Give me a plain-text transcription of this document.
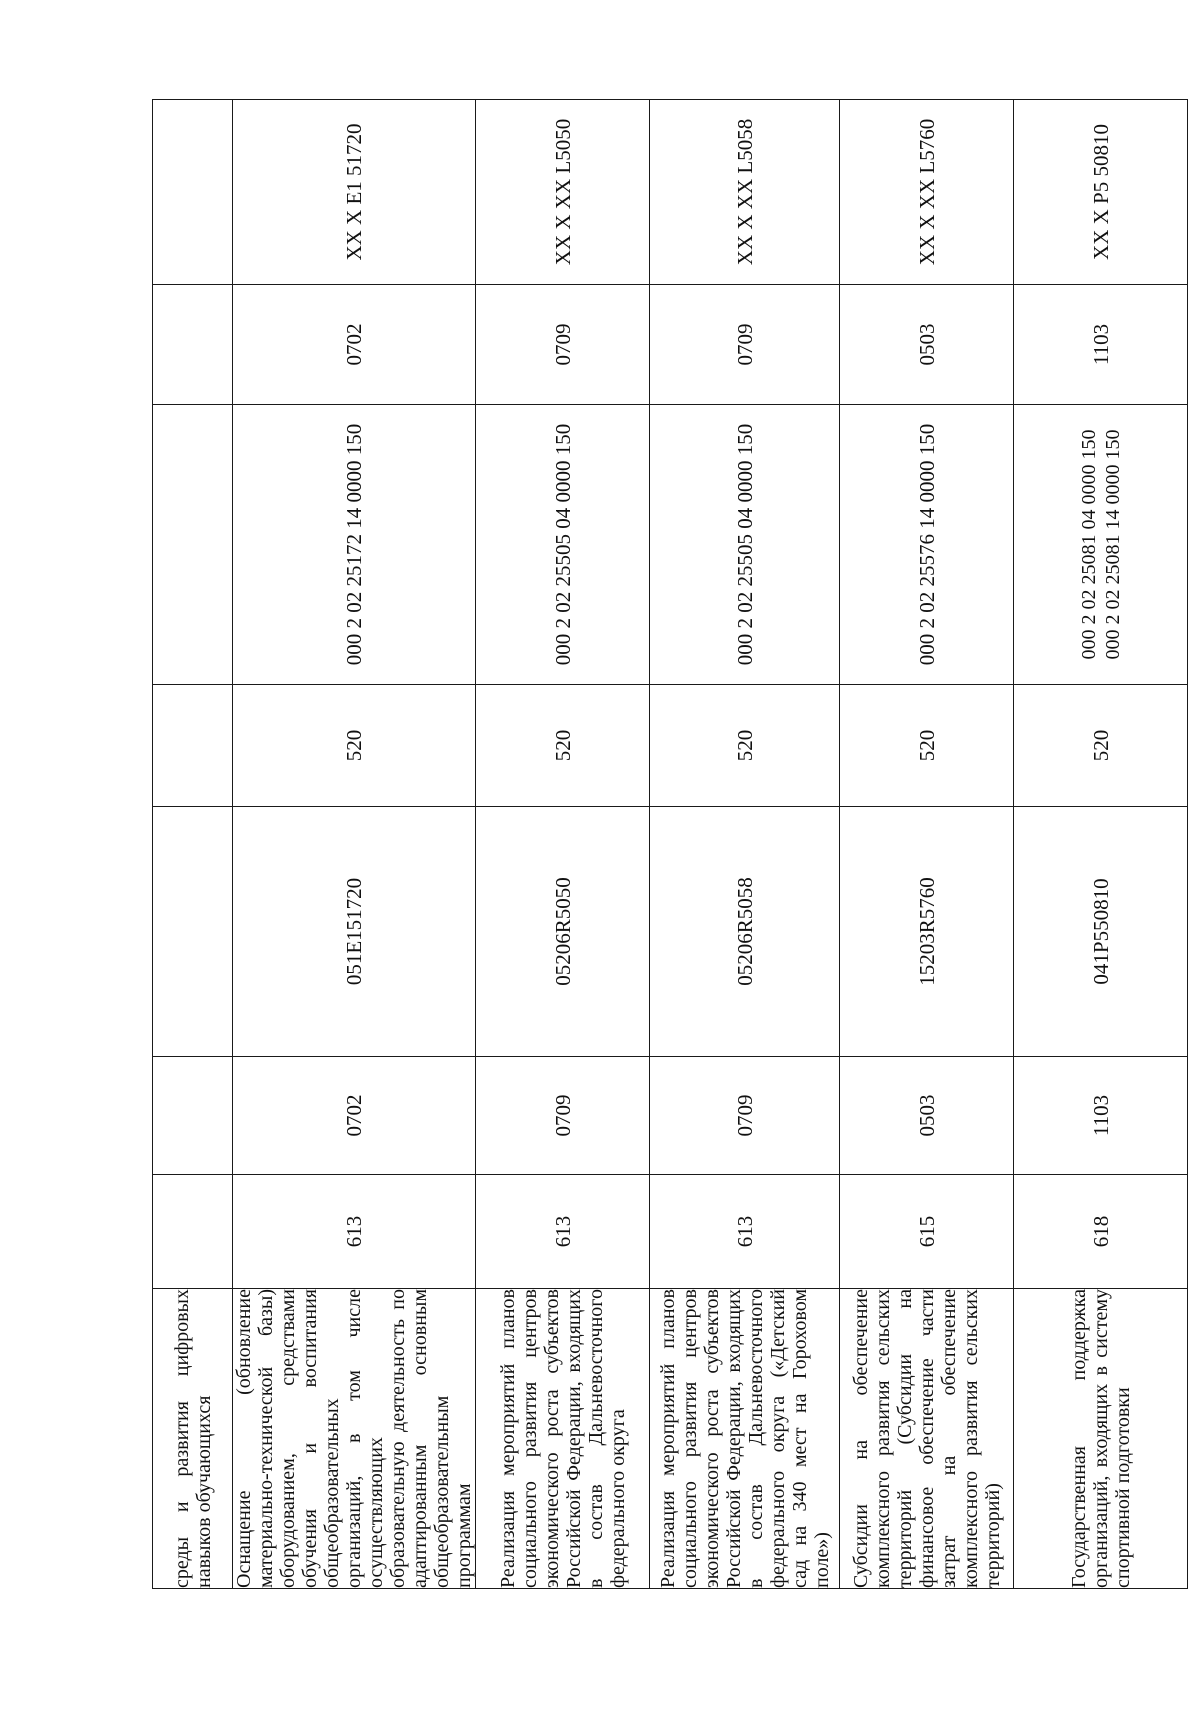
среды и развития цифровых навыков обучающихся							
Оснащение (обновление материально-технической базы) оборудованием, средствами обучения и воспитания общеобразовательных организаций, в том числе осуществляющих образовательную деятельность по адаптированным основным общеобразовательным программам	613	0702	051E151720	520	000 2 02 25172 14 0000 150	0702	XX X E1 51720
Реализация мероприятий планов социального развития центров экономического роста субъектов Российской Федерации, входящих в состав Дальневосточного федерального округа	613	0709	05206R5050	520	000 2 02 25505 04 0000 150	0709	XX X XX L5050
Реализация мероприятий планов социального развития центров экономического роста субъектов Российской Федерации, входящих в состав Дальневосточного федерального округа («Детский сад на 340 мест на Гороховом поле»)	613	0709	05206R5058	520	000 2 02 25505 04 0000 150	0709	XX X XX L5058
Субсидии на обеспечение комплексного развития сельских территорий (Субсидии на финансовое обеспечение части затрат на обеспечение комплексного развития сельских территорий)	615	0503	15203R5760	520	000 2 02 25576 14 0000 150	0503	XX X XX L5760
Государственная поддержка организаций, входящих в систему спортивной подготовки	618	1103	041P550810	520	000 2 02 25081 04 0000 150 000 2 02 25081 14 0000 150	1103	XX X P5 50810
